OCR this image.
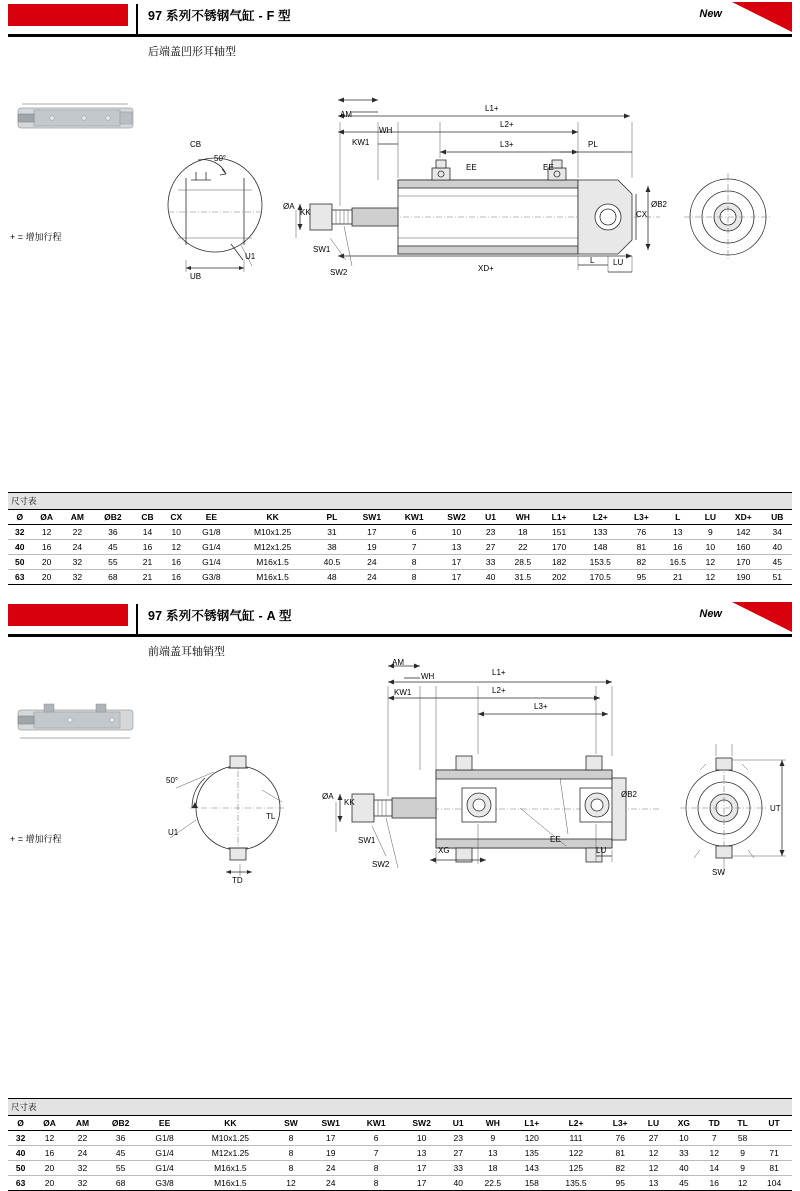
97 系列不锈钢气缸 - F 型	New
后端盖凹形耳轴型
+ = 增加行程
AM
WH
KW1
L1+
L2+
L3+	PL
EE	EE
CB
50°
ØA
KK
SW1
SW2
UB
U1
XD+
CX
ØB2
L LU
尺寸表																				
Ø	ØA	AM	ØB2	CB	CX	EE	KK	PL	SW1	KW1	SW2	U1	WH	L1+	L2+	L3+	L	LU	XD+	UB
32	12	22	36	14	10	G1/8	M10x1.25	31	17	6	10	23	18	151	133	76	13	9	142	34
40	16	24	45	16	12	G1/4	M12x1.25	38	19	7	13	27	22	170	148	81	16	10	160	40
50	20	32	55	21	16	G1/4	M16x1.5	40.5	24	8	17	33	28.5	182	153.5	82	16.5	12	170	45
63	20	32	68	21	16	G3/8	M16x1.5	48	24	8	17	40	31.5	202	170.5	95	21	12	190	51
97 系列不锈钢气缸 - A 型	New
前端盖耳轴销型
+ = 增加行程
AM
WH
KW1
L1+
L2+
L3+
EE
ØA
KK
SW1
SW2
SW
XG	LU
ØB2
UT
TL
TD
U1
50°
尺寸表																			
Ø	ØA	AM	ØB2	EE	KK	SW	SW1	KW1	SW2	U1	WH	L1+	L2+	L3+	LU	XG	TD	TL	UT
32	12	22	36	G1/8	M10x1.25	8	17	6	10	23	9	120	111	76	27	10	7	58	
40	16	24	45	G1/4	M12x1.25	8	19	7	13	27	13	135	122	81	12	33	12	9	71
50	20	32	55	G1/4	M16x1.5	8	24	8	17	33	18	143	125	82	12	40	14	9	81
63	20	32	68	G3/8	M16x1.5	12	24	8	17	40	22.5	158	135.5	95	13	45	16	12	104
